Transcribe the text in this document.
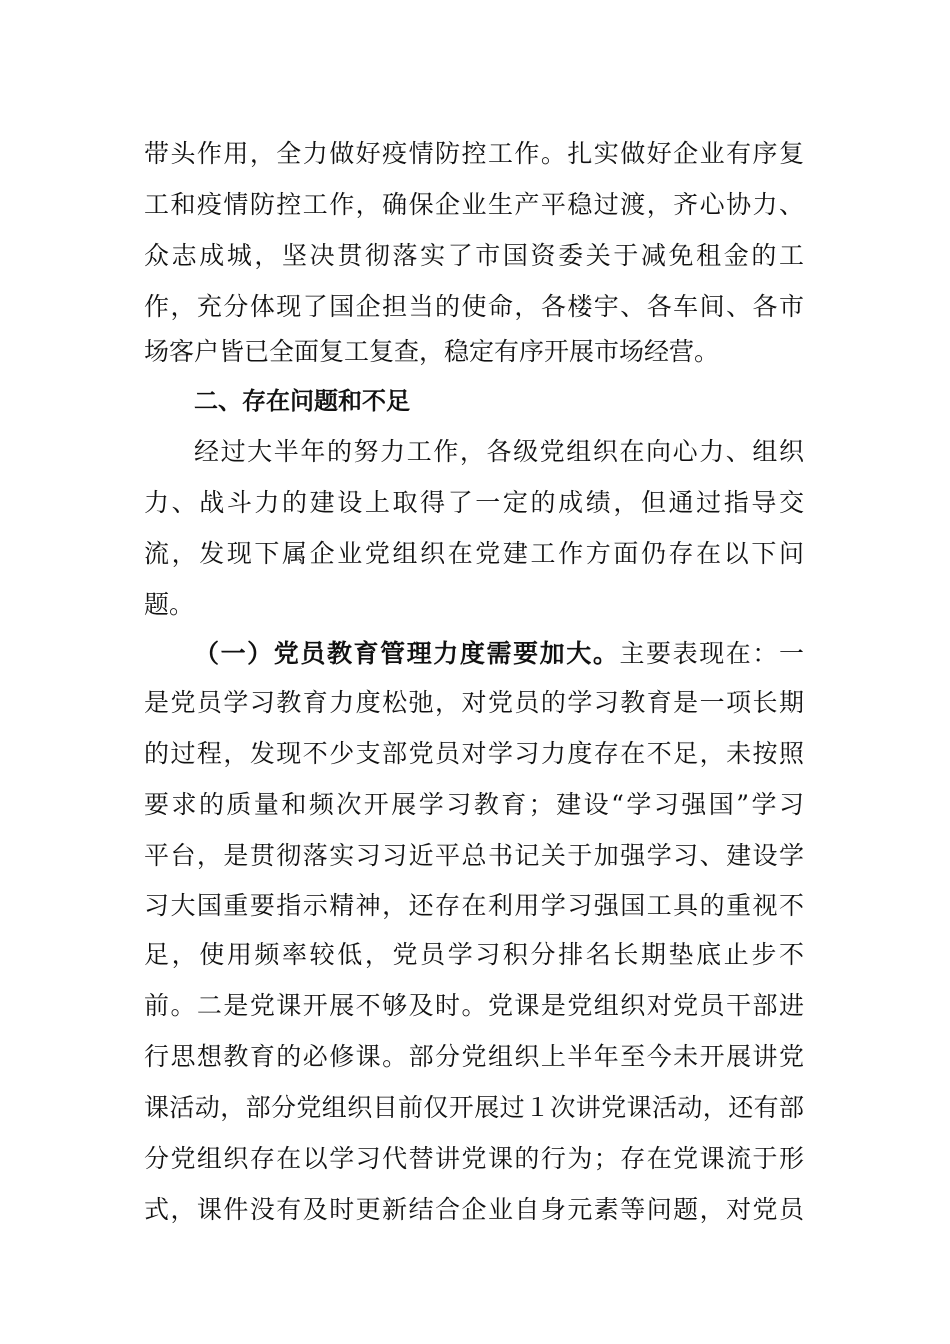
带头作用，全力做好疫情防控工作。扎实做好企业有序复

工和疫情防控工作，确保企业生产平稳过渡，齐心协力、

众志成城，坚决贯彻落实了市国资委关于减免租金的工

作，充分体现了国企担当的使命，各楼宇、各车间、各市

场客户皆已全面复工复查，稳定有序开展市场经营。

二、存在问题和不足

经过大半年的努力工作，各级党组织在向心力、组织

力、战斗力的建设上取得了一定的成绩，但通过指导交

流，发现下属企业党组织在党建工作方面仍存在以下问

题。

（一）党员教育管理力度需要加大。主要表现在：一

是党员学习教育力度松弛，对党员的学习教育是一项长期

的过程，发现不少支部党员对学习力度存在不足，未按照

要求的质量和频次开展学习教育；建设“学习强国”学习

平台，是贯彻落实习习近平总书记关于加强学习、建设学

习大国重要指示精神，还存在利用学习强国工具的重视不

足，使用频率较低，党员学习积分排名长期垫底止步不

前。二是党课开展不够及时。党课是党组织对党员干部进

行思想教育的必修课。部分党组织上半年至今未开展讲党

课活动，部分党组织目前仅开展过１次讲党课活动，还有部

分党组织存在以学习代替讲党课的行为；存在党课流于形

式，课件没有及时更新结合企业自身元素等问题，对党员
